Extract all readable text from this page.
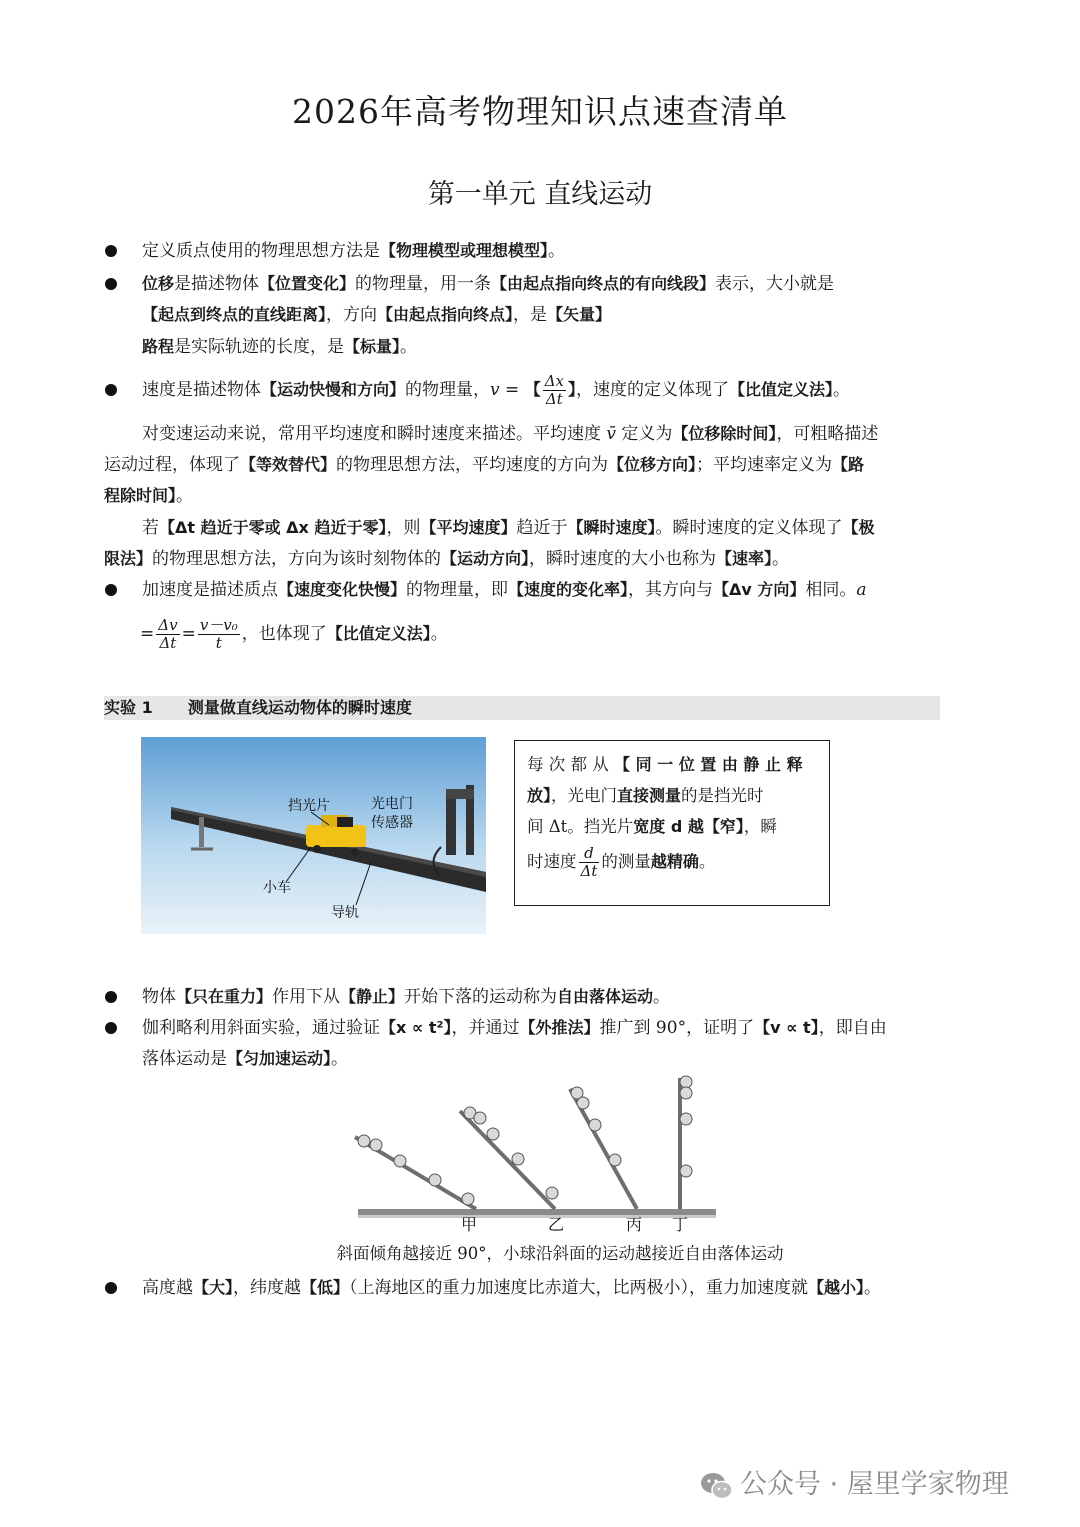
2026年高考物理知识点速查清单
第一单元 直线运动
定义质点使用的物理思想方法是【物理模型或理想模型】。
位移是描述物体【位置变化】的物理量，用一条【由起点指向终点的有向线段】表示，大小就是
【起点到终点的直线距离】，方向【由起点指向终点】，是【矢量】
路程是实际轨迹的长度，是【标量】。
速度是描述物体【运动快慢和方向】的物理量，v = 【 $\frac{\Delta x}{\Delta t}$ 】，速度的定义体现了【比值定义法】。
对变速运动来说，常用平均速度和瞬时速度来描述。平均速度 v̄ 定义为【位移除时间】，可粗略描述
运动过程，体现了【等效替代】的物理思想方法，平均速度的方向为【位移方向】；平均速率定义为【路
程除时间】。
若【Δt 趋近于零或 Δx 趋近于零】，则【平均速度】趋近于【瞬时速度】。瞬时速度的定义体现了【极
限法】的物理思想方法，方向为该时刻物体的【运动方向】，瞬时速度的大小也称为【速率】。
加速度是描述质点【速度变化快慢】的物理量，即【速度的变化率】，其方向与【Δv 方向】相同。a
= $\frac{\Delta v}{\Delta t} = \frac{\text{v－v₀}}{t}$ ，也体现了【比值定义法】。
实验 1 测量做直线运动物体的瞬时速度
挡光片	光电门
传感器
小车
导轨
每 次 都 从 【 同 一 位 置 由 静 止 释
放】，光电门直接测量的是挡光时
间 Δt。挡光片宽度 d 越【窄】，瞬
时速度 $\frac{d}{\Delta t}$ 的测量越精确。
物体【只在重力】作用下从【静止】开始下落的运动称为自由落体运动。
伽利略利用斜面实验，通过验证【x ∝ t²】，并通过【外推法】推广到 90°，证明了【v ∝ t】，即自由
落体运动是【匀加速运动】。
甲	乙	丙 丁
斜面倾角越接近 90°，小球沿斜面的运动越接近自由落体运动
高度越【大】，纬度越【低】（上海地区的重力加速度比赤道大，比两极小），重力加速度就【越小】。
公众号 · 屋里学家物理
